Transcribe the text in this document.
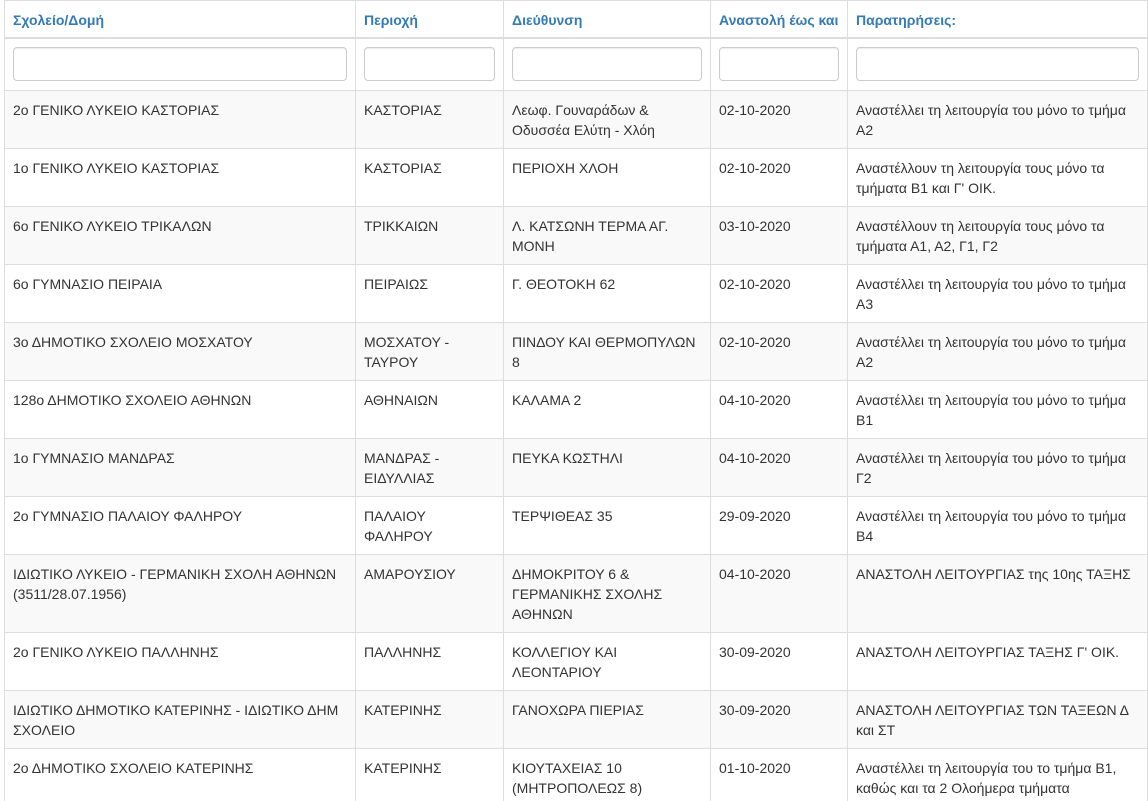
Σχολείο/Δομή	Περιοχή	Διεύθυνση	Αναστολή έως και	Παρατηρήσεις:

2ο ΓΕΝΙΚΟ ΛΥΚΕΙΟ ΚΑΣΤΟΡΙΑΣ	ΚΑΣΤΟΡΙΑΣ	Λεωφ. Γουναράδων & Οδυσσέα Ελύτη - Χλόη	02-10-2020	Αναστέλλει τη λειτουργία του μόνο το τμήμα Α2
1ο ΓΕΝΙΚΟ ΛΥΚΕΙΟ ΚΑΣΤΟΡΙΑΣ	ΚΑΣΤΟΡΙΑΣ	ΠΕΡΙΟΧΗ ΧΛΟΗ	02-10-2020	Αναστέλλουν τη λειτουργία τους μόνο τα τμήματα Β1 και Γ' ΟΙΚ.
6ο ΓΕΝΙΚΟ ΛΥΚΕΙΟ ΤΡΙΚΑΛΩΝ	ΤΡΙΚΚΑΙΩΝ	Λ. ΚΑΤΣΩΝΗ ΤΕΡΜΑ ΑΓ. ΜΟΝΗ	03-10-2020	Αναστέλλουν τη λειτουργία τους μόνο τα τμήματα Α1, Α2, Γ1, Γ2
6ο ΓΥΜΝΑΣΙΟ ΠΕΙΡΑΙΑ	ΠΕΙΡΑΙΩΣ	Γ. ΘΕΟΤΟΚΗ 62	02-10-2020	Αναστέλλει τη λειτουργία του μόνο το τμήμα Α3
3ο ΔΗΜΟΤΙΚΟ ΣΧΟΛΕΙΟ ΜΟΣΧΑΤΟΥ	ΜΟΣΧΑΤΟΥ - ΤΑΥΡΟΥ	ΠΙΝΔΟΥ ΚΑΙ ΘΕΡΜΟΠΥΛΩΝ 8	02-10-2020	Αναστέλλει τη λειτουργία του μόνο το τμήμα Α2
128ο ΔΗΜΟΤΙΚΟ ΣΧΟΛΕΙΟ ΑΘΗΝΩΝ	ΑΘΗΝΑΙΩΝ	ΚΑΛΑΜΑ 2	04-10-2020	Αναστέλλει τη λειτουργία του μόνο το τμήμα Β1
1ο ΓΥΜΝΑΣΙΟ ΜΑΝΔΡΑΣ	ΜΑΝΔΡΑΣ - ΕΙΔΥΛΛΙΑΣ	ΠΕΥΚΑ ΚΩΣΤΗΛΙ	04-10-2020	Αναστέλλει τη λειτουργία του μόνο το τμήμα Γ2
2ο ΓΥΜΝΑΣΙΟ ΠΑΛΑΙΟΥ ΦΑΛΗΡΟΥ	ΠΑΛΑΙΟΥ ΦΑΛΗΡΟΥ	ΤΕΡΨΙΘΕΑΣ 35	29-09-2020	Αναστέλλει τη λειτουργία του μόνο το τμήμα Β4
ΙΔΙΩΤΙΚΟ ΛΥΚΕΙΟ - ΓΕΡΜΑΝΙΚΗ ΣΧΟΛΗ ΑΘΗΝΩΝ (3511/28.07.1956)	ΑΜΑΡΟΥΣΙΟΥ	ΔΗΜΟΚΡΙΤΟΥ 6 & ΓΕΡΜΑΝΙΚΗΣ ΣΧΟΛΗΣ ΑΘΗΝΩΝ	04-10-2020	ΑΝΑΣΤΟΛΗ ΛΕΙΤΟΥΡΓΙΑΣ της 10ης ΤΑΞΗΣ
2ο ΓΕΝΙΚΟ ΛΥΚΕΙΟ ΠΑΛΛΗΝΗΣ	ΠΑΛΛΗΝΗΣ	ΚΟΛΛΕΓΙΟΥ ΚΑΙ ΛΕΟΝΤΑΡΙΟΥ	30-09-2020	ΑΝΑΣΤΟΛΗ ΛΕΙΤΟΥΡΓΙΑΣ ΤΑΞΗΣ Γ' ΟΙΚ.
ΙΔΙΩΤΙΚΟ ΔΗΜΟΤΙΚΟ ΚΑΤΕΡΙΝΗΣ - ΙΔΙΩΤΙΚΟ ΔΗΜ ΣΧΟΛΕΙΟ	ΚΑΤΕΡΙΝΗΣ	ΓΑΝΟΧΩΡΑ ΠΙΕΡΙΑΣ	30-09-2020	ΑΝΑΣΤΟΛΗ ΛΕΙΤΟΥΡΓΙΑΣ ΤΩΝ ΤΑΞΕΩΝ Δ και ΣΤ
2ο ΔΗΜΟΤΙΚΟ ΣΧΟΛΕΙΟ ΚΑΤΕΡΙΝΗΣ	ΚΑΤΕΡΙΝΗΣ	ΚΙΟΥΤΑΧΕΙΑΣ 10 (ΜΗΤΡΟΠΟΛΕΩΣ 8)	01-10-2020	Αναστέλλει τη λειτουργία του το τμήμα Β1, καθώς και τα 2 Ολοήμερα τμήματα
